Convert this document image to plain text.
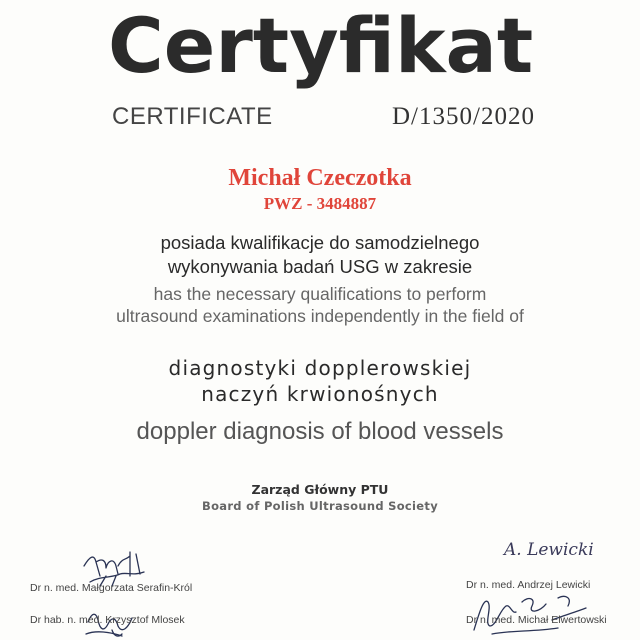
Certyfikat
CERTIFICATE	D/1350/2020
Michał Czeczotka
PWZ - 3484887
posiada kwalifikacje do samodzielnego
wykonywania badań USG w zakresie
has the necessary qualifications to perform
ultrasound examinations independently in the field of
diagnostyki dopplerowskiej
naczyń krwionośnych
doppler diagnosis of blood vessels
Zarząd Główny PTU
Board of Polish Ultrasound Society
Dr n. med. Małgorzata Serafin-Król
A. Lewicki
Dr n. med. Andrzej Lewicki
Dr hab. n. med. Krzysztof Mlosek	Dr n. med. Michał Elwertowski
